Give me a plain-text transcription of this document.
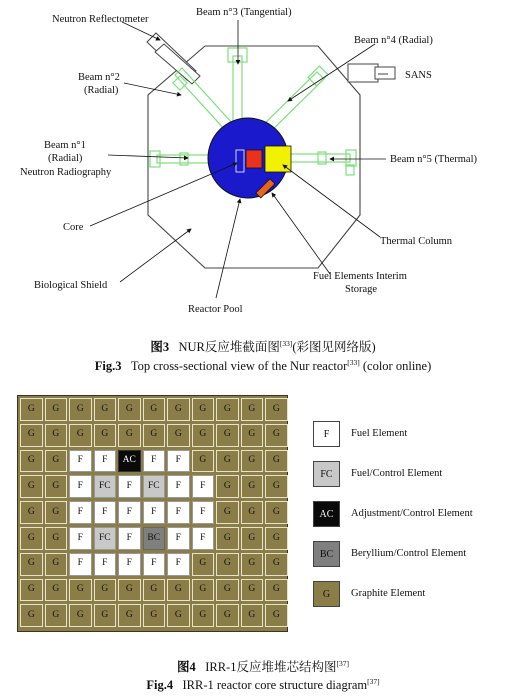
Neutron Reflectometer
Beam n°3 (Tangential)
Beam n°4 (Radial)
SANS
Beam n°2
(Radial)
Beam n°1
(Radial)
Neutron Radiography
Beam n°5 (Thermal)
Core
Thermal Column
Fuel Elements Interim
Storage
Biological Shield
Reactor Pool
图3 NUR反应堆截面图[33](彩图见网络版)
Fig.3 Top cross-sectional view of the Nur reactor[33] (color online)
G	G	G	G	G	G	G	G	G	G	G
G	G	G	G	G	G	G	G	G	G	G
G	G	F	F	AC	F	F	G	G	G	G
G	G	F	FC	F	FC	F	F	G	G	G
G	G	F	F	F	F	F	F	G	G	G
G	G	F	FC	F	BC	F	F	G	G	G
G	G	F	F	F	F	F	G	G	G	G
G	G	G	G	G	G	G	G	G	G	G
G	G	G	G	G	G	G	G	G	G	G
F	Fuel Element
FC	Fuel/Control Element
AC	Adjustment/Control Element
BC	Beryllium/Control Element
G	Graphite Element
图4 IRR-1反应堆堆芯结构图[37]
Fig.4 IRR-1 reactor core structure diagram[37]
